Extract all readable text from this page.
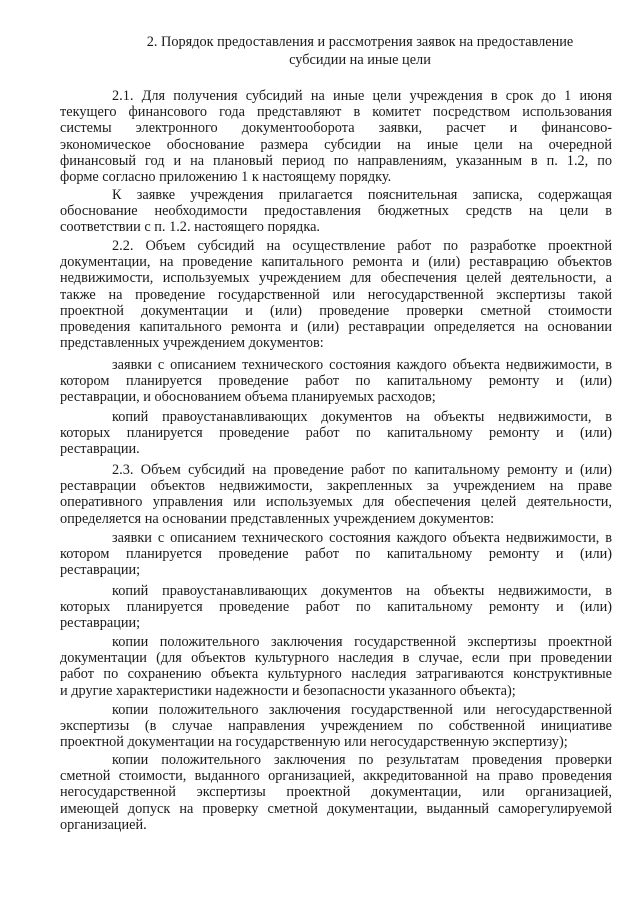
2. Порядок предоставления и рассмотрения заявок на предоставление
субсидии на иные цели

2.1. Для получения субсидий на иные цели учреждения в срок до 1 июня
текущего финансового года представляют в комитет посредством использования
системы электронного документооборота заявки, расчет и финансово-
экономическое обоснование размера субсидии на иные цели на очередной
финансовый год и на плановый период по направлениям, указанным в п. 1.2, по
форме согласно приложению 1 к настоящему порядку.

К заявке учреждения прилагается пояснительная записка, содержащая
обоснование необходимости предоставления бюджетных средств на цели в
соответствии с п. 1.2. настоящего порядка.

2.2. Объем субсидий на осуществление работ по разработке проектной
документации, на проведение капитального ремонта и (или) реставрацию объектов
недвижимости, используемых учреждением для обеспечения целей деятельности, а
также на проведение государственной или негосударственной экспертизы такой
проектной документации и (или) проведение проверки сметной стоимости
проведения капитального ремонта и (или) реставрации определяется на основании
представленных учреждением документов:

заявки с описанием технического состояния каждого объекта недвижимости, в
котором планируется проведение работ по капитальному ремонту и (или)
реставрации, и обоснованием объема планируемых расходов;

копий правоустанавливающих документов на объекты недвижимости, в
которых планируется проведение работ по капитальному ремонту и (или)
реставрации.

2.3. Объем субсидий на проведение работ по капитальному ремонту и (или)
реставрации объектов недвижимости, закрепленных за учреждением на праве
оперативного управления или используемых для обеспечения целей деятельности,
определяется на основании представленных учреждением документов:

заявки с описанием технического состояния каждого объекта недвижимости, в
котором планируется проведение работ по капитальному ремонту и (или)
реставрации;

копий правоустанавливающих документов на объекты недвижимости, в
которых планируется проведение работ по капитальному ремонту и (или)
реставрации;

копии положительного заключения государственной экспертизы проектной
документации (для объектов культурного наследия в случае, если при проведении
работ по сохранению объекта культурного наследия затрагиваются конструктивные
и другие характеристики надежности и безопасности указанного объекта);

копии положительного заключения государственной или негосударственной
экспертизы (в случае направления учреждением по собственной инициативе
проектной документации на государственную или негосударственную экспертизу);

копии положительного заключения по результатам проведения проверки
сметной стоимости, выданного организацией, аккредитованной на право проведения
негосударственной экспертизы проектной документации, или организацией,
имеющей допуск на проверку сметной документации, выданный саморегулируемой
организацией.
